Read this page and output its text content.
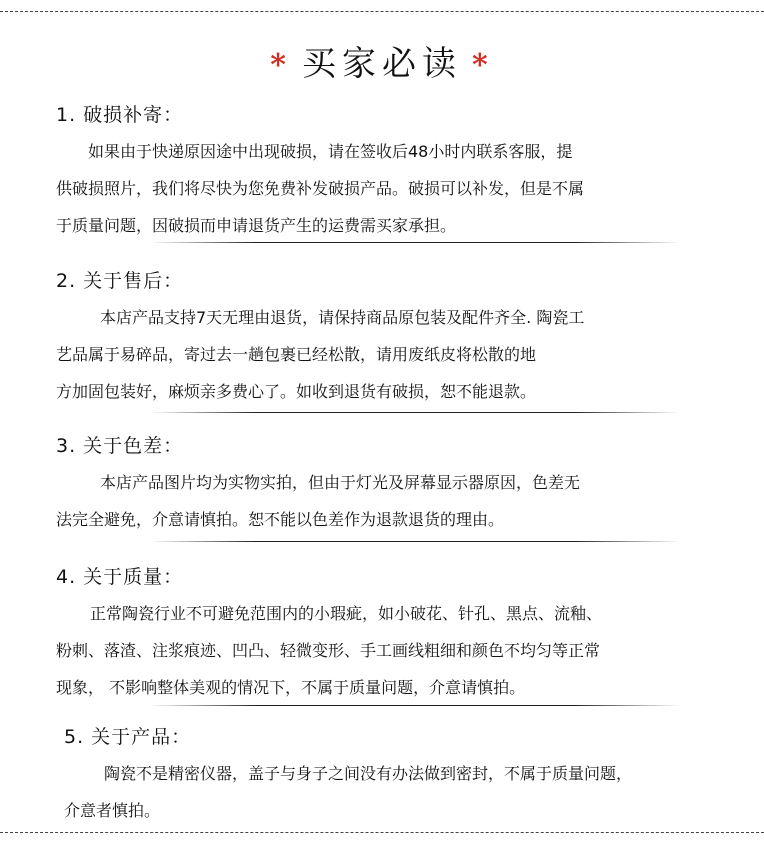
* 买家必读 *
1. 破损补寄：

如果由于快递原因途中出现破损，请在签收后48小时内联系客服，提
供破损照片，我们将尽快为您免费补发破损产品。破损可以补发，但是不属
于质量问题，因破损而申请退货产生的运费需买家承担。

2. 关于售后：

本店产品支持7天无理由退货，请保持商品原包装及配件齐全. 陶瓷工
艺品属于易碎品，寄过去一趟包裹已经松散，请用废纸皮将松散的地
方加固包装好，麻烦亲多费心了。如收到退货有破损，恕不能退款。

3. 关于色差：

本店产品图片均为实物实拍，但由于灯光及屏幕显示器原因，色差无
法完全避免，介意请慎拍。恕不能以色差作为退款退货的理由。

4. 关于质量：

正常陶瓷行业不可避免范围内的小瑕疵，如小破花、针孔、黑点、流釉、
粉刺、落渣、注浆痕迹、凹凸、轻微变形、手工画线粗细和颜色不均匀等正常
现象， 不影响整体美观的情况下，不属于质量问题，介意请慎拍。

5. 关于产品：

陶瓷不是精密仪器，盖子与身子之间没有办法做到密封，不属于质量问题，
介意者慎拍。
